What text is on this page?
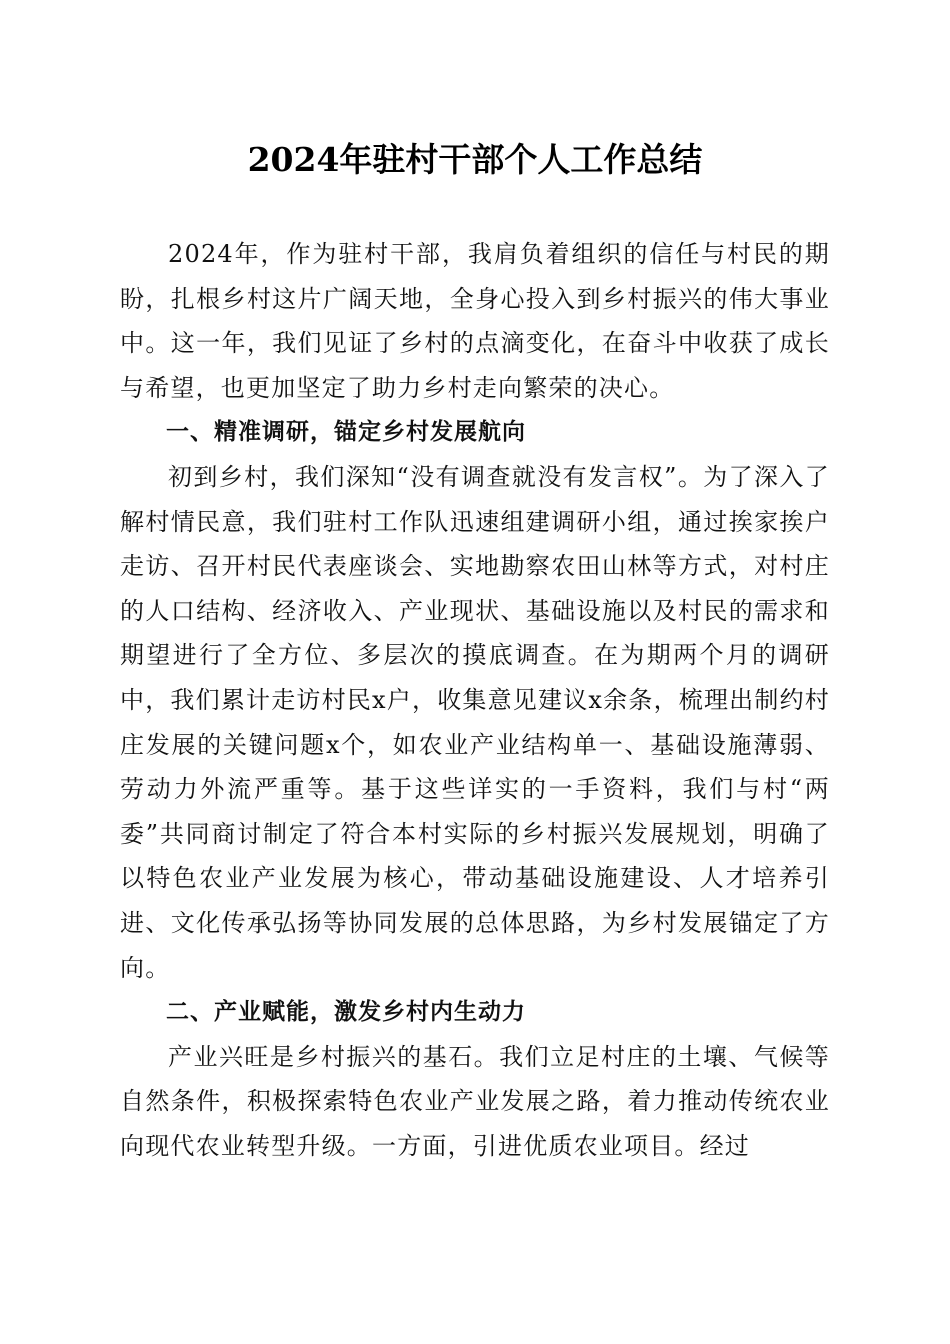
2024年驻村干部个人工作总结

2024年，作为驻村干部，我肩负着组织的信任与村民的期盼，扎根乡村这片广阔天地，全身心投入到乡村振兴的伟大事业中。这一年，我们见证了乡村的点滴变化，在奋斗中收获了成长与希望，也更加坚定了助力乡村走向繁荣的决心。

一、精准调研，锚定乡村发展航向

初到乡村，我们深知“没有调查就没有发言权”。为了深入了解村情民意，我们驻村工作队迅速组建调研小组，通过挨家挨户走访、召开村民代表座谈会、实地勘察农田山林等方式，对村庄的人口结构、经济收入、产业现状、基础设施以及村民的需求和期望进行了全方位、多层次的摸底调查。在为期两个月的调研中，我们累计走访村民x户，收集意见建议x余条，梳理出制约村庄发展的关键问题x个，如农业产业结构单一、基础设施薄弱、劳动力外流严重等。基于这些详实的一手资料，我们与村“两委”共同商讨制定了符合本村实际的乡村振兴发展规划，明确了以特色农业产业发展为核心，带动基础设施建设、人才培养引进、文化传承弘扬等协同发展的总体思路，为乡村发展锚定了方向。

二、产业赋能，激发乡村内生动力

产业兴旺是乡村振兴的基石。我们立足村庄的土壤、气候等自然条件，积极探索特色农业产业发展之路，着力推动传统农业向现代农业转型升级。一方面，引进优质农业项目。经过
